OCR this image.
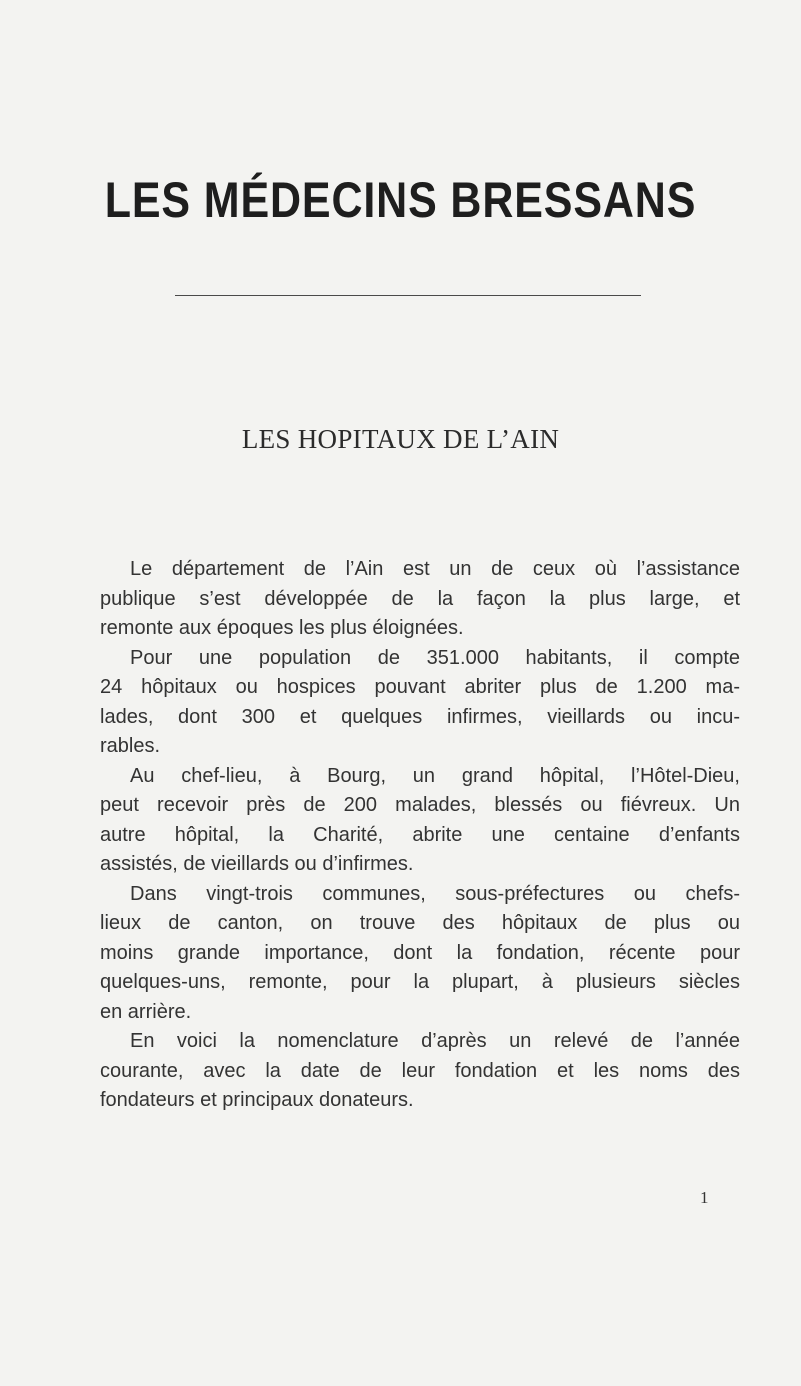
LES MÉDECINS BRESSANS
LES HOPITAUX DE L’AIN
Le département de l’Ain est un de ceux où l’assistance
publique s’est développée de la façon la plus large, et
remonte aux époques les plus éloignées.
Pour une population de 351.000 habitants, il compte
24 hôpitaux ou hospices pouvant abriter plus de 1.200 ma-
lades, dont 300 et quelques infirmes, vieillards ou incu-
rables.
Au chef-lieu, à Bourg, un grand hôpital, l’Hôtel-Dieu,
peut recevoir près de 200 malades, blessés ou fiévreux. Un
autre hôpital, la Charité, abrite une centaine d’enfants
assistés, de vieillards ou d’infirmes.
Dans vingt-trois communes, sous-préfectures ou chefs-
lieux de canton, on trouve des hôpitaux de plus ou
moins grande importance, dont la fondation, récente pour
quelques-uns, remonte, pour la plupart, à plusieurs siècles
en arrière.
En voici la nomenclature d’après un relevé de l’année
courante, avec la date de leur fondation et les noms des
fondateurs et principaux donateurs.
1
